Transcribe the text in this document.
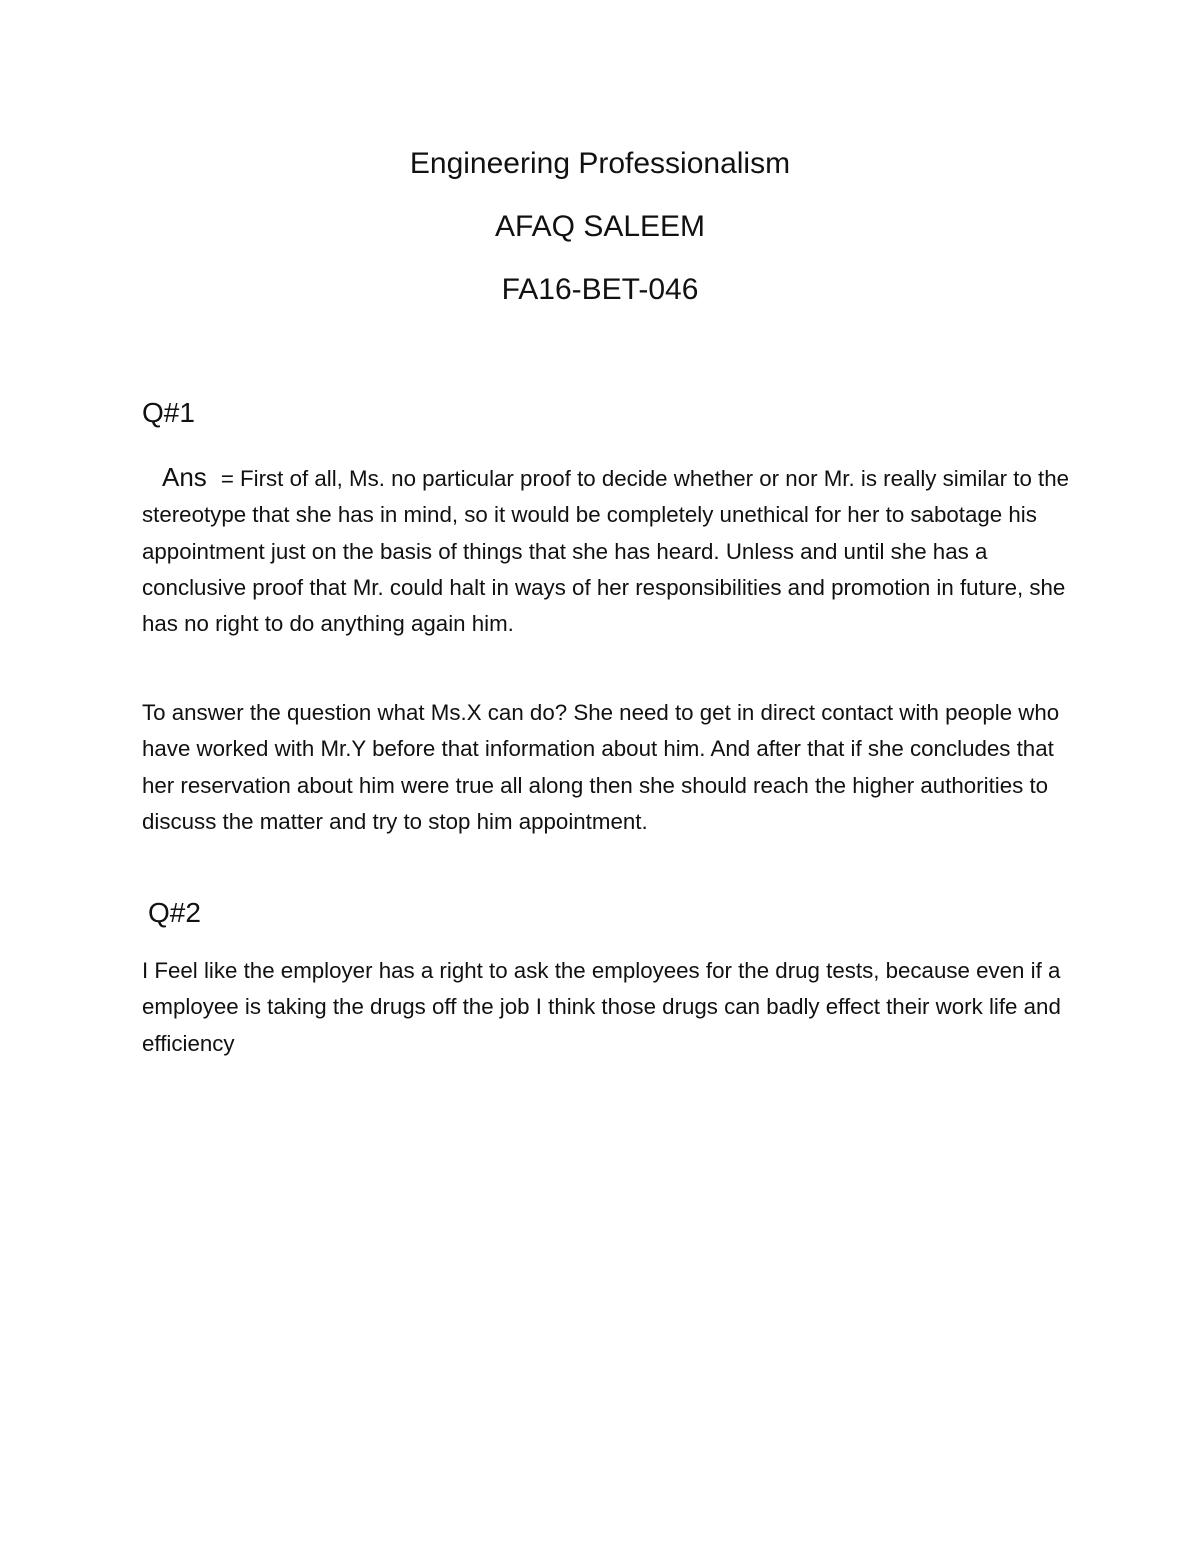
Engineering Professionalism
AFAQ SALEEM
FA16-BET-046
Q#1

Ans = First of all, Ms. no particular proof to decide whether or nor Mr. is really similar to the stereotype that she has in mind, so it would be completely unethical for her to sabotage his appointment just on the basis of things that she has heard. Unless and until she has a conclusive proof that Mr. could halt in ways of her responsibilities and promotion in future, she has no right to do anything again him.

To answer the question what Ms.X can do? She need to get in direct contact with people who have worked with Mr.Y before that information about him. And after that if she concludes that her reservation about him were true all along then she should reach the higher authorities to discuss the matter and try to stop him appointment.

Q#2

I Feel like the employer has a right to ask the employees for the drug tests, because even if a employee is taking the drugs off the job I think those drugs can badly effect their work life and efficiency
